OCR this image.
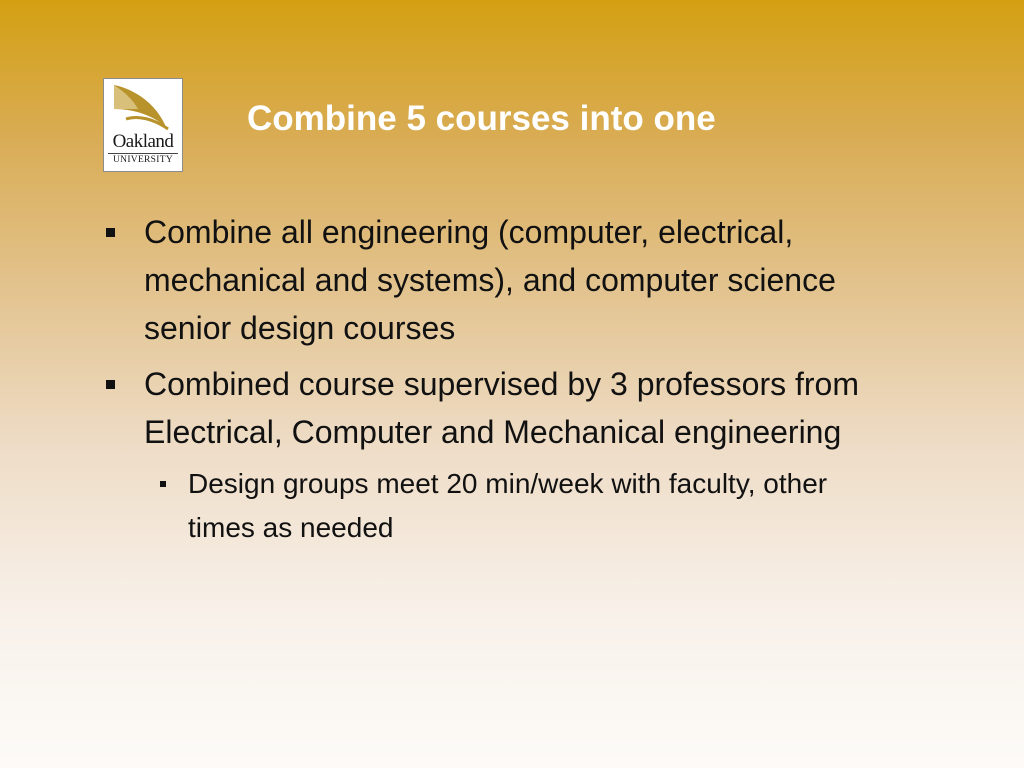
Oakland
UNIVERSITY
Combine 5 courses into one
Combine all engineering (computer, electrical, mechanical and systems), and computer science senior design courses
Combined course supervised by 3 professors from Electrical, Computer and Mechanical engineering
Design groups meet 20 min/week with faculty, other times as needed
